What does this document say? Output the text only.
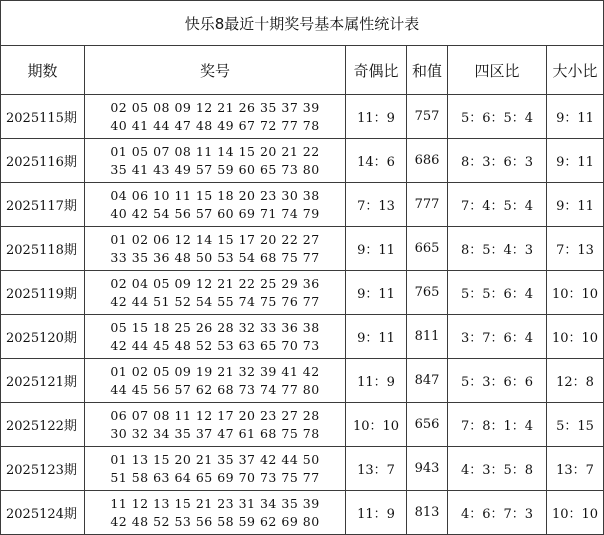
快乐8最近十期奖号基本属性统计表					
期数	奖号	奇偶比	和值	四区比	大小比
2025115期	02 05 08 09 12 21 26 35 37 39
40 41 44 47 48 49 67 72 77 78	11：9	757	5：6：5：4	9：11
2025116期	01 05 07 08 11 14 15 20 21 22
35 41 43 49 57 59 60 65 73 80	14：6	686	8：3：6：3	9：11
2025117期	04 06 10 11 15 18 20 23 30 38
40 42 54 56 57 60 69 71 74 79	7：13	777	7：4：5：4	9：11
2025118期	01 02 06 12 14 15 17 20 22 27
33 35 36 48 50 53 54 68 75 77	9：11	665	8：5：4：3	7：13
2025119期	02 04 05 09 12 21 22 25 29 36
42 44 51 52 54 55 74 75 76 77	9：11	765	5：5：6：4	10：10
2025120期	05 15 18 25 26 28 32 33 36 38
42 44 45 48 52 53 63 65 70 73	9：11	811	3：7：6：4	10：10
2025121期	01 02 05 09 19 21 32 39 41 42
44 45 56 57 62 68 73 74 77 80	11：9	847	5：3：6：6	12：8
2025122期	06 07 08 11 12 17 20 23 27 28
30 32 34 35 37 47 61 68 75 78	10：10	656	7：8：1：4	5：15
2025123期	01 13 15 20 21 35 37 42 44 50
51 58 63 64 65 69 70 73 75 77	13：7	943	4：3：5：8	13：7
2025124期	11 12 13 15 21 23 31 34 35 39
42 48 52 53 56 58 59 62 69 80	11：9	813	4：6：7：3	10：10
